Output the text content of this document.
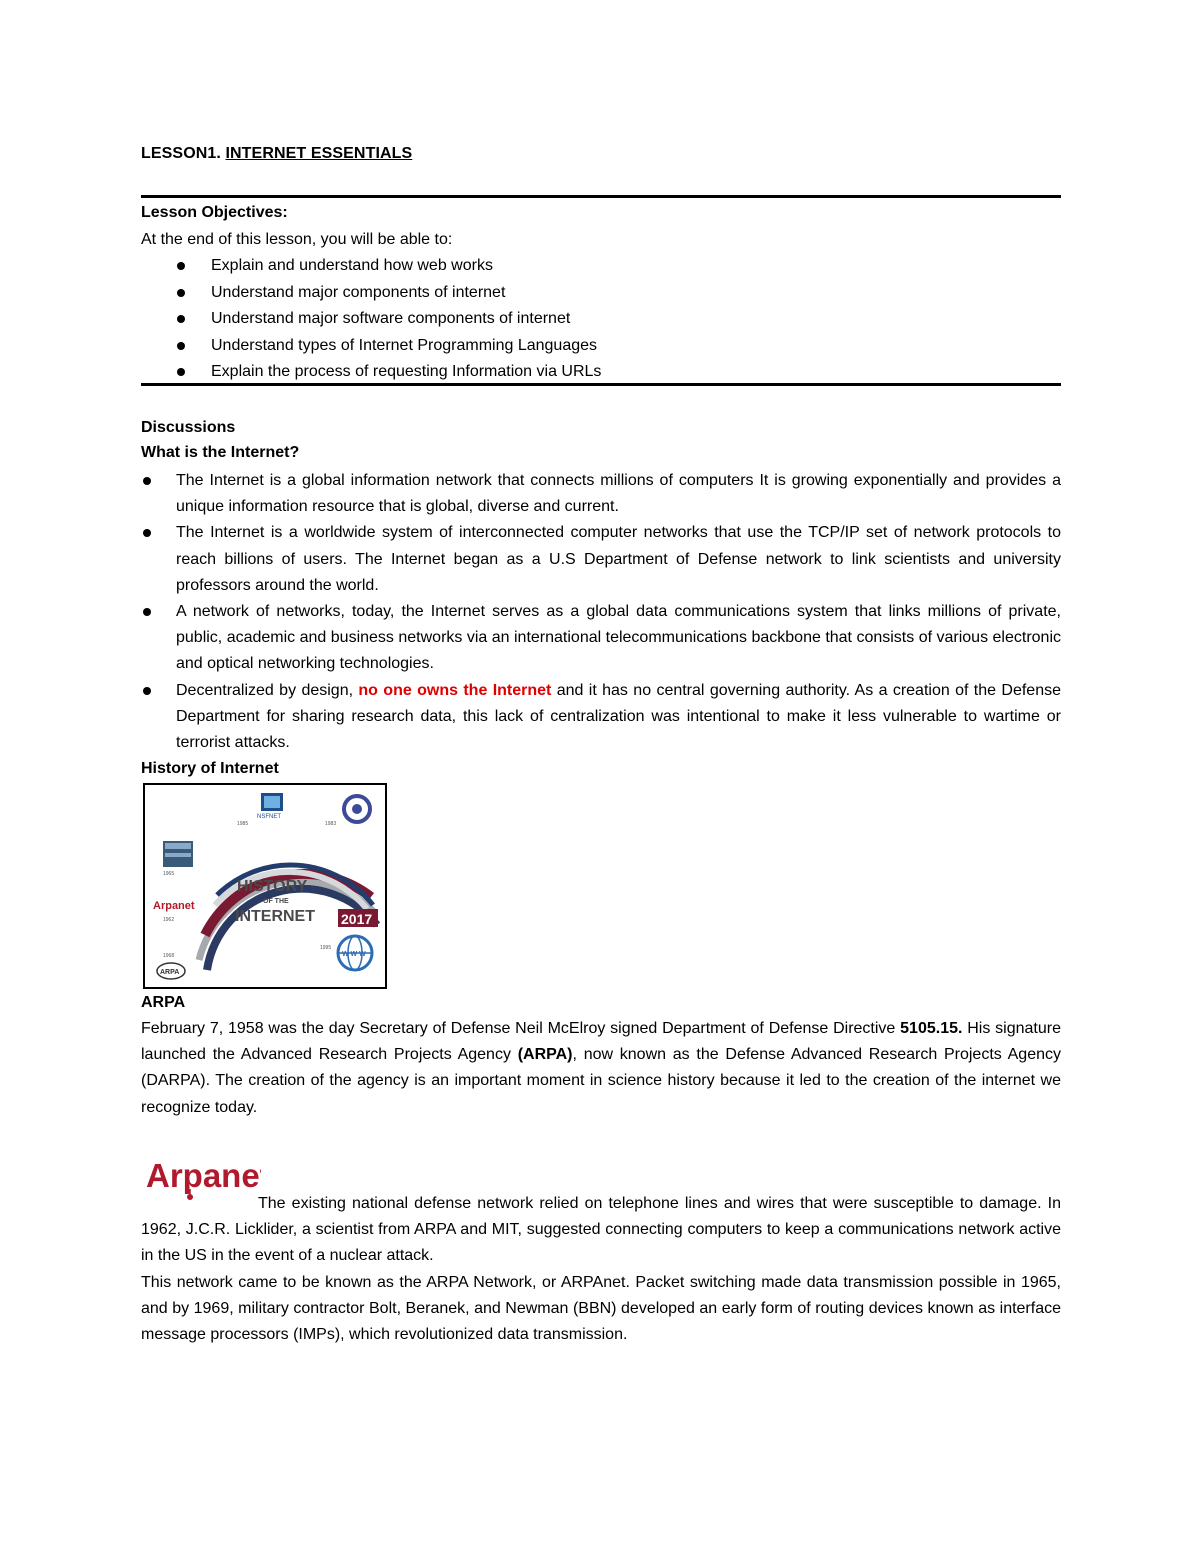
LESSON1. INTERNET ESSENTIALS
Lesson Objectives:
At the end of this lesson, you will be able to:
Explain and understand how web works
Understand major components of internet
Understand major software components of internet
Understand types of Internet Programming Languages
Explain the process of requesting Information via URLs
Discussions
What is the Internet?
The Internet is a global information network that connects millions of computers It is growing exponentially and provides a unique information resource that is global, diverse and current.
The Internet is a worldwide system of interconnected computer networks that use the TCP/IP set of network protocols to reach billions of users. The Internet began as a U.S Department of Defense network to link scientists and university professors around the world.
A network of networks, today, the Internet serves as a global data communications system that links millions of private, public, academic and business networks via an international telecommunications backbone that consists of various electronic and optical networking technologies.
Decentralized by design, no one owns the Internet and it has no central governing authority. As a creation of the Defense Department for sharing research data, this lack of centralization was intentional to make it less vulnerable to wartime or terrorist attacks.
History of Internet
HISTORY
OF THE
INTERNET 2017
NSFNET
1985	1983
1965
Arpanet
1962
1968
ARPA
1995
W W W
ARPA
February 7, 1958 was the day Secretary of Defense Neil McElroy signed Department of Defense Directive 5105.15. His signature launched the Advanced Research Projects Agency (ARPA), now known as the Defense Advanced Research Projects Agency (DARPA). The creation of the agency is an important moment in science history because it led to the creation of the internet we recognize today.
Arpanet
The existing national defense network relied on telephone lines and wires that were susceptible to damage. In 1962, J.C.R. Licklider, a scientist from ARPA and MIT, suggested connecting computers to keep a communications network active in the US in the event of a nuclear attack.
This network came to be known as the ARPA Network, or ARPAnet. Packet switching made data transmission possible in 1965, and by 1969, military contractor Bolt, Beranek, and Newman (BBN) developed an early form of routing devices known as interface message processors (IMPs), which revolutionized data transmission.
